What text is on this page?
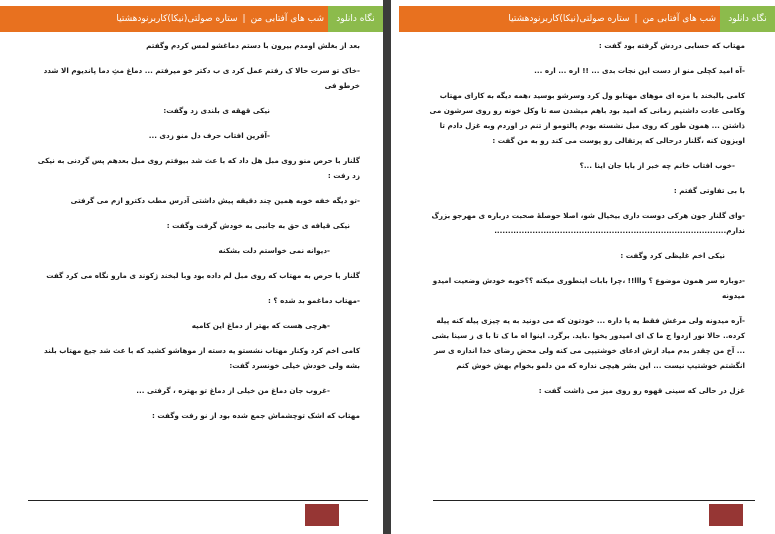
شب های آفتابی من
|
ستاره صولتی(نیکا)کاربرنودهشتیا	نگاه دانلود

بعد از بغلش اومدم بیرون با دستم دماغشو لمس کردم وگفتم

-خاک تو سرت حالا ک رفتم عمل کرد ی ب دکتر خو میرفتم ... دماغ مثِ دما پاندیوم الا شدد خرطو فی

نیکی قهقه ی بلندی زد وگفت:

-آفرین افتاب حرف دل منو زدی ...

گلنار با حرص منو روی مبل هل داد که با عث شد بیوفتم روی مبل بعدهم پس گردنی به نیکی زد رفت :

-تو دیگه خفه خوبه همین چند دقیقه پیش داشتی آدرس مطب دکترو ازم می گرفتی

نیکی قیافه ی حق به جانبی به خودش گرفت وگفت :

-دیوانه نمی خواستم دلت بشکنه

گلنار با حرص به مهتاب که روی مبل لم داده بود وبا لبخند ژکوند ی مارو نگاه می کرد گفت

-مهتاب دماغمو بد شده ؟ :

-هرچی هست که بهتر از دماغ این کامیه

کامی اخم کرد وکنار مهتاب نشستو یه دسته از موهاشو کشید که با عث شد جیغ مهتاب بلند بشه ولی خودش خیلی خونسرد گفت:

-غروب جان دماغ من خیلی از دماغ تو بهتره ، گرفتی ...

مهتاب که اشک توچشماش جمع شده بود از نو رفت وگفت :

شب های آفتابی من
|
ستاره صولتی(نیکا)کاربرنودهشتیا	نگاه دانلود

مهتاب که حسابی دردش گرفته بود گفت :

-آه امید کچلی منو از دست این نجات بدی ... !! اره ... اره ...

کامی بالبخند با مزه ای موهای مهتابو ول کرد وسرشو بوسید ،همه دیگه به کارای مهتاب وکامی عادت داشتیم زمانی که امید بود باهم میشدن سه تا وکل خونه رو روی سرشون می ذاشتن ... همون طور که روی مبل نشسته بودم پالتومو از تنم در اوردم وبه غزل دادم تا اویزون کنه ،گلنار درحالی که پرتقالی رو پوست می کند رو به من گفت :

-خوب افتاب خانم چه خبر از بابا جان اینا ...؟

با بی تفاوتی گفتم :

-وای گلنار جون هرکی دوست داری بیخیال شو، اصلا حوصلهٔ صحبت درباره ی مهرجو بزرگ ندارم.....................................................................................

نیکی اخم غلیظی کرد وگفت :

-دوباره سر همون موضوع ؟ وااا!! ،چرا بابات اینطوری میکنه ؟؟خوبه خودش وضعیت امیدو میدونه

-آره میدونه ولی مرغش فقط یه پا داره ... خودتون که می دونید به یه چیزی پیله کنه پیله کرده.. حالا نور ازدوا ج ما ک ای امیدور یخوا .باید. برگرد. اینوا اه ما ک تا با ی ز سینا بشی ... آخ من چقدر بدم میاد ازش ادعای خوشتیپی می کنه ولی محض رضای خدا اندازه ی سر انگشتم خوشتیپ نیست ... این بشر هیچی نداره که من دلمو بخوام بهش خوش کنم

غزل در حالی که سینی قهوه رو روی میز می ذاشت گفت :
